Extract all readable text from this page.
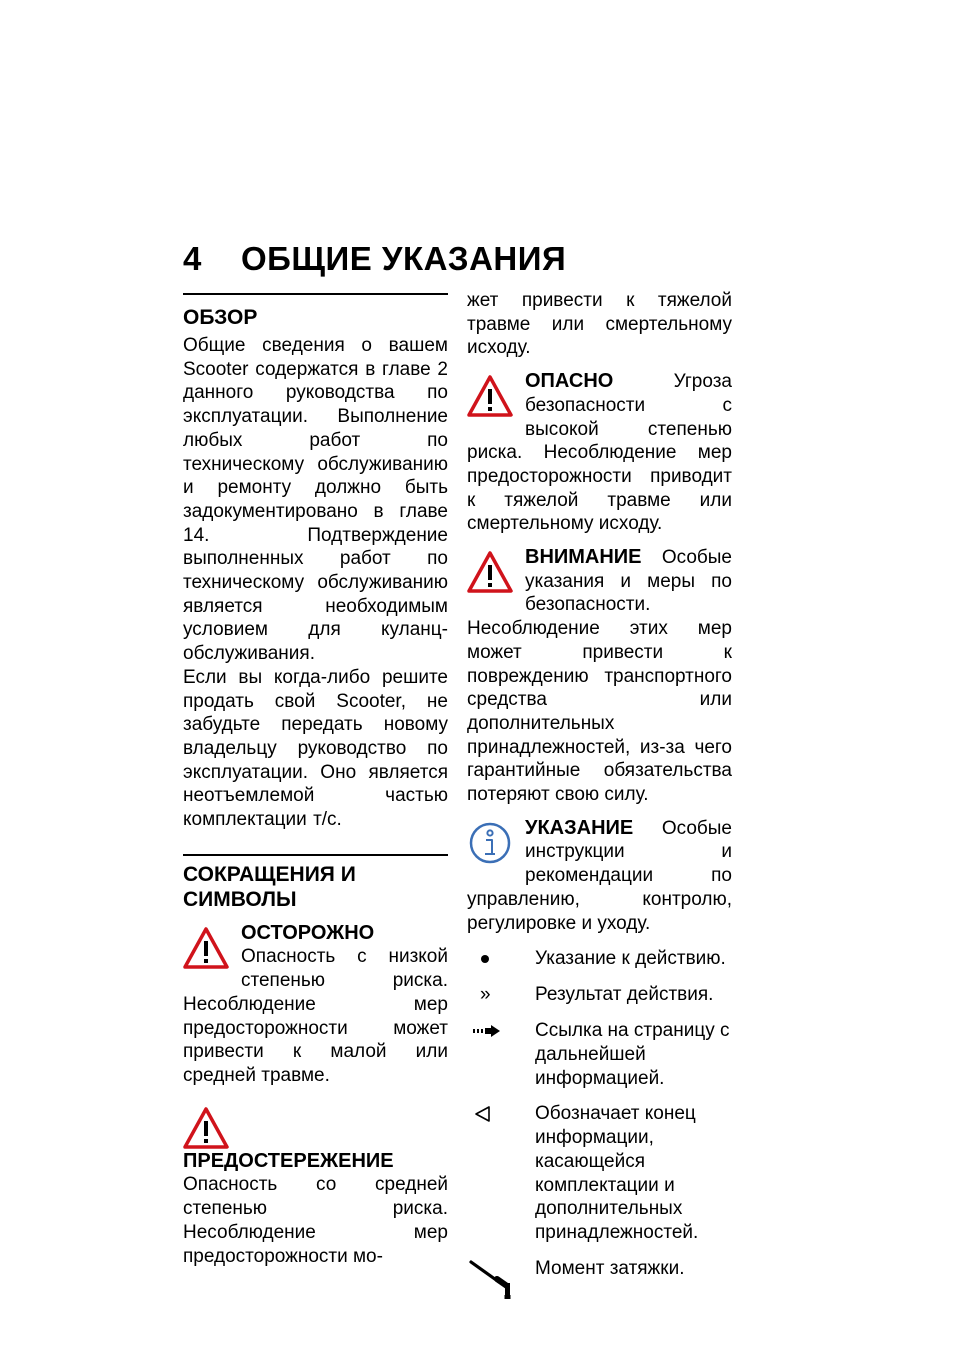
4 ОБЩИЕ УКАЗАНИЯ
ОБЗОР

Общие сведения о вашем Scooter содержатся в главе 2 данного руководства по эксплуатации. Выполнение любых работ по техническому обслуживанию и ремонту должно быть задокументировано в главе 14. Подтверждение выполненных работ по техническому обслуживанию является необходимым условием для куланц-обслуживания.

Если вы когда-либо решите продать свой Scooter, не забудьте передать новому владельцу руководство по эксплуатации. Оно является неотъемлемой частью комплектации т/с.

СОКРАЩЕНИЯ И СИМВОЛЫ
ОСТОРОЖНО Опасность с низкой степенью риска. Несоблюдение мер предосторожности может привести к малой или средней травме.
ПРЕДОСТЕРЕЖЕНИЕ Опасность со средней степенью риска. Несоблюдение мер предосторожности мо-

жет привести к тяжелой травме или смертельному исходу.

ОПАСНО	Угроза безопасности с высокой степенью риска. Несоблюдение мер предосторожности приводит к тяжелой травме или смертельному исходу.
ВНИМАНИЕ Особые указания и меры по безопасности. Несоблюдение этих мер может привести к повреждению транспортного средства или дополнительных принадлежностей, из-за чего гарантийные обязательства потеряют свою силу.
УКАЗАНИЕ Особые инструкции и рекомендации по управлению, контролю, регулировке и уходу.
Указание к действию.
» Результат действия.
Ссылка на страницу с дальнейшей информацией.
Обозначает конец информации, касающейся комплектации и дополнительных принадлежностей.
Момент затяжки.
